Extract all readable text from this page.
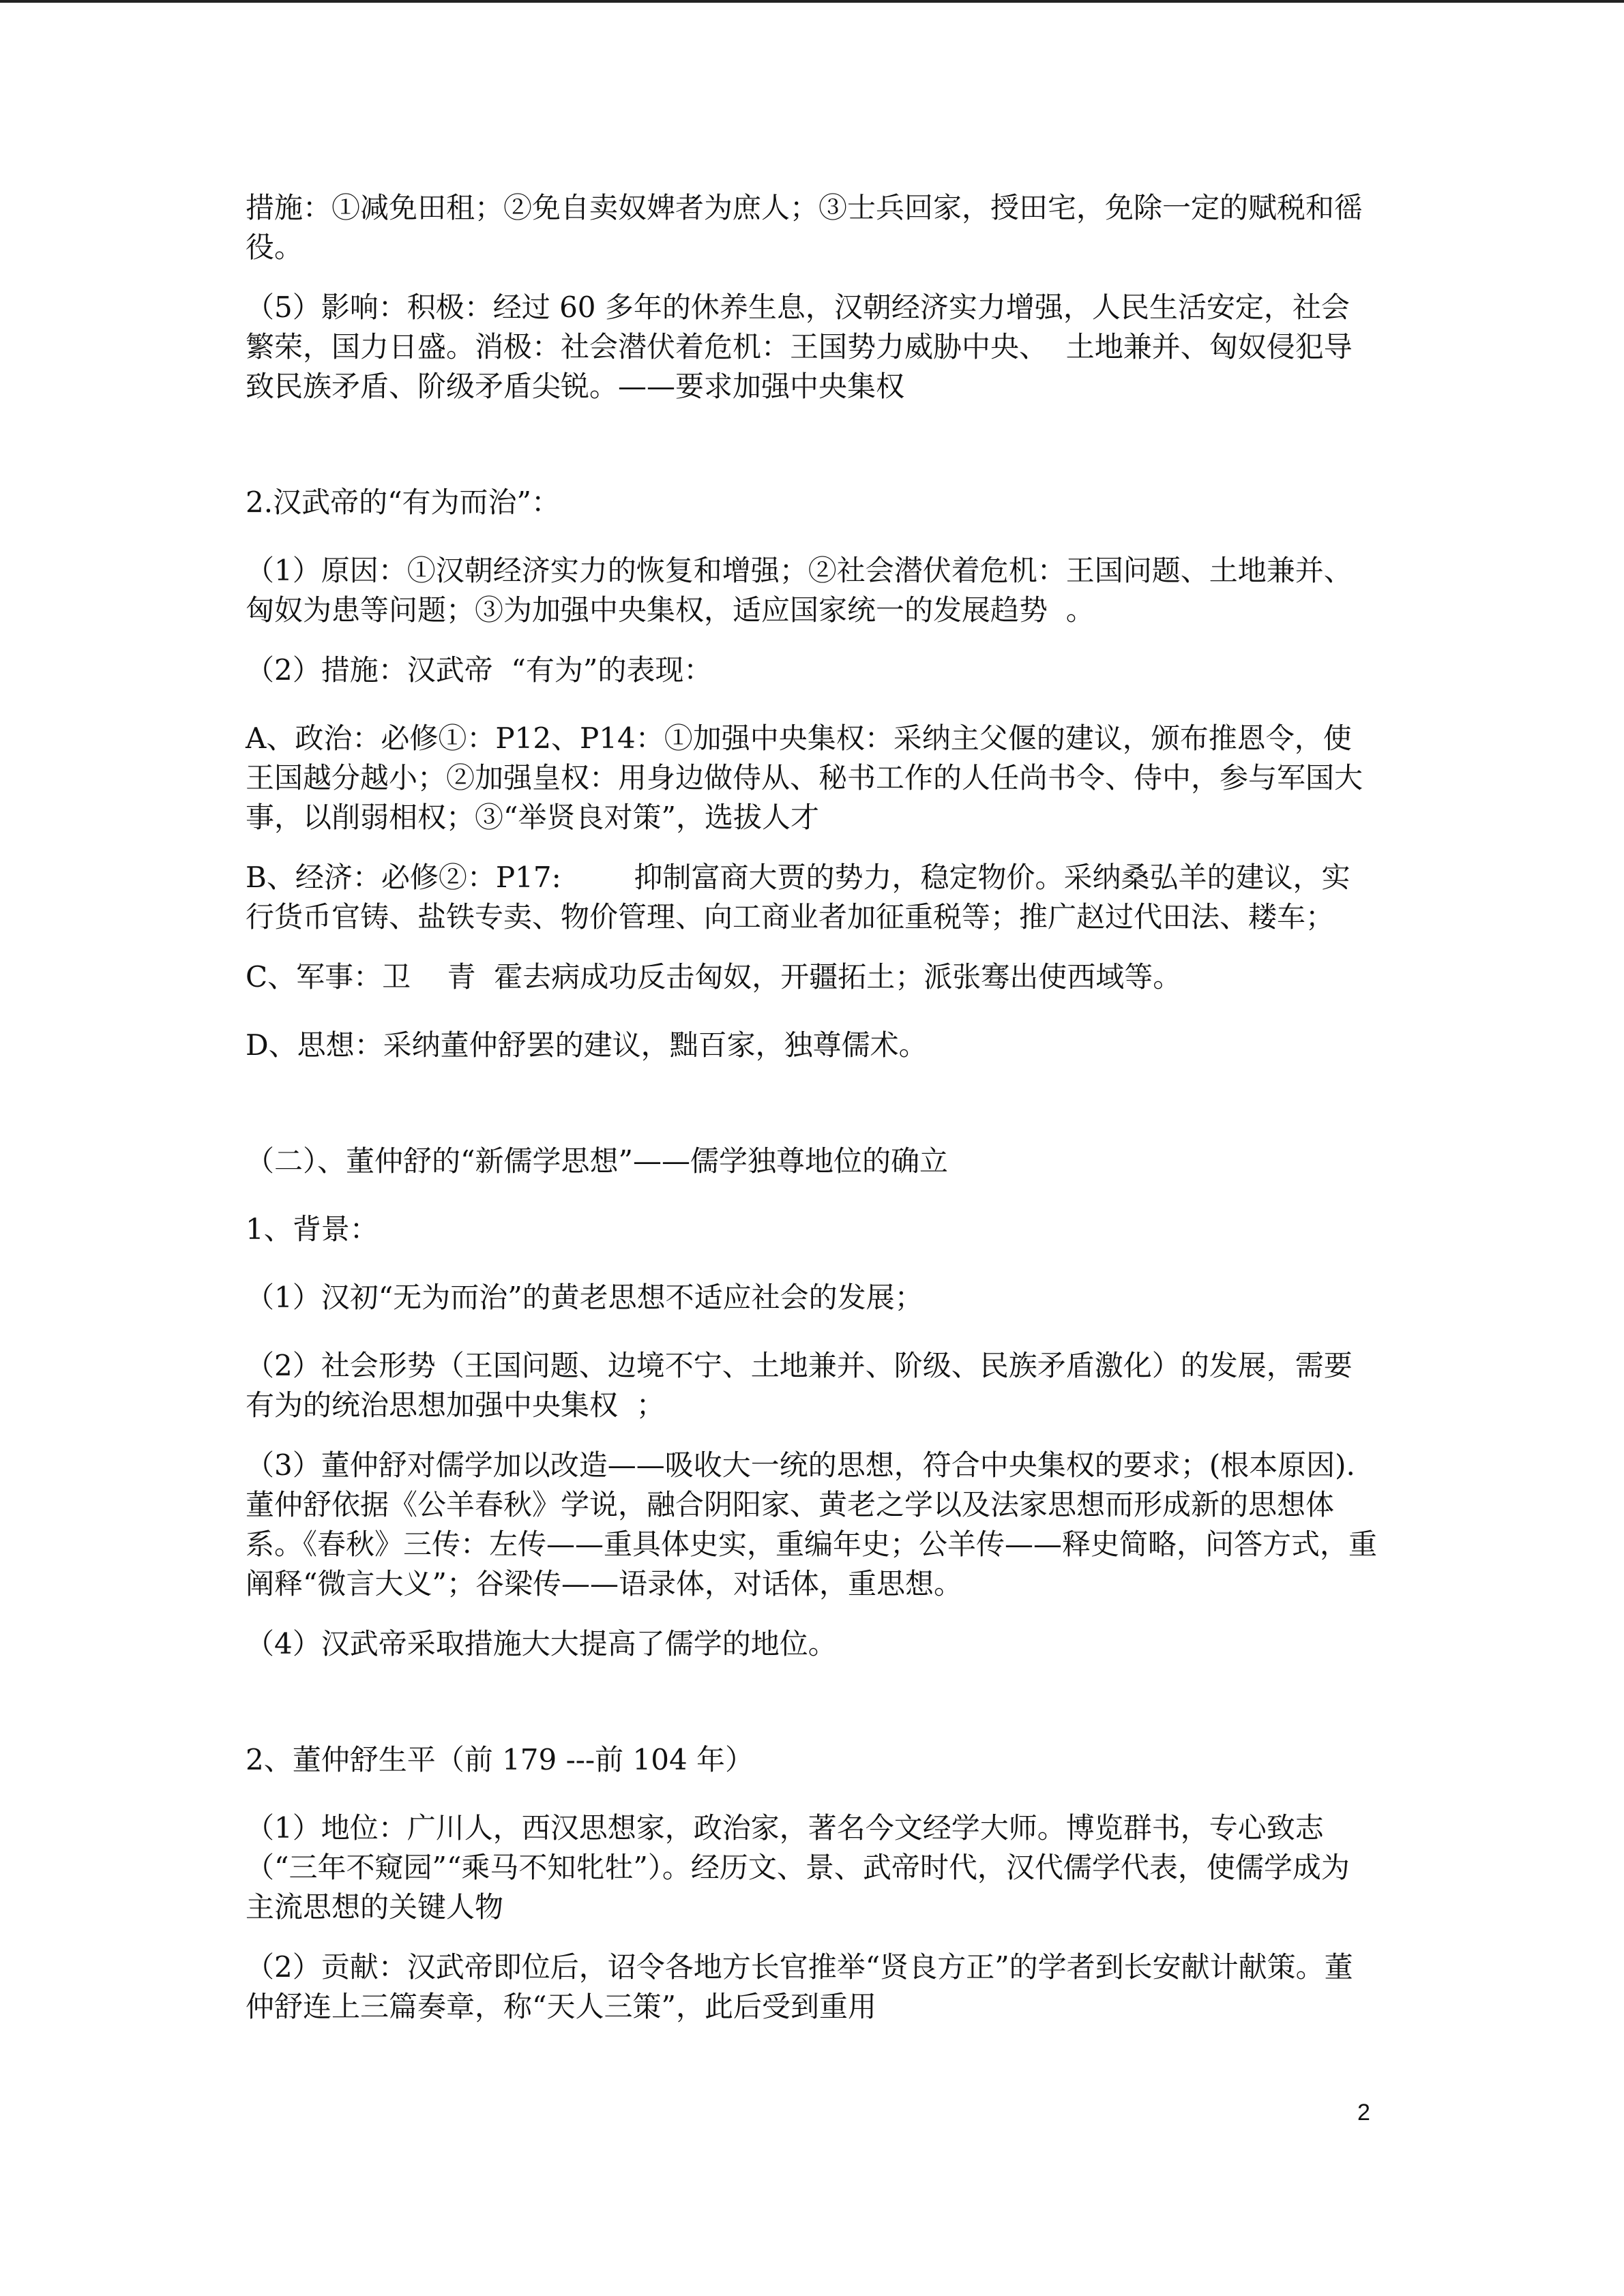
措施：①减免田租；②免自卖奴婢者为庶人；③士兵回家，授田宅，免除一定的赋税和徭役。

（5）影响：积极：经过 60 多年的休养生息，汉朝经济实力增强，人民生活安定，社会繁荣，国力日盛。消极：社会潜伏着危机：王国势力威胁中央、  土地兼并、匈奴侵犯导致民族矛盾、阶级矛盾尖锐。——要求加强中央集权

2.汉武帝的“有为而治”：

（1）原因：①汉朝经济实力的恢复和增强；②社会潜伏着危机：王国问题、土地兼并、匈奴为患等问题；③为加强中央集权，适应国家统一的发展趋势  。

（2）措施：汉武帝  “有为”的表现：

A、政治：必修①：P12、P14：①加强中央集权：采纳主父偃的建议，颁布推恩令，使王国越分越小；②加强皇权：用身边做侍从、秘书工作的人任尚书令、侍中，参与军国大事，以削弱相权；③“举贤良对策”，选拔人才

B、经济：必修②：P17:        抑制富商大贾的势力，稳定物价。采纳桑弘羊的建议，实行货币官铸、盐铁专卖、物价管理、向工商业者加征重税等；推广赵过代田法、耧车；

C、军事：卫    青  霍去病成功反击匈奴，开疆拓土；派张骞出使西域等。

D、思想：采纳董仲舒罢的建议，黜百家，独尊儒术。

（二）、董仲舒的“新儒学思想”——儒学独尊地位的确立

1、背景：

（1）汉初“无为而治”的黄老思想不适应社会的发展；

（2）社会形势（王国问题、边境不宁、土地兼并、阶级、民族矛盾激化）的发展，需要有为的统治思想加强中央集权  ；

（3）董仲舒对儒学加以改造——吸收大一统的思想，符合中央集权的要求；(根本原因).董仲舒依据《公羊春秋》学说，融合阴阳家、黄老之学以及法家思想而形成新的思想体系。《春秋》三传：左传——重具体史实，重编年史；公羊传——释史简略，问答方式，重阐释“微言大义”；谷梁传——语录体，对话体，重思想。

（4）汉武帝采取措施大大提高了儒学的地位。

2、董仲舒生平（前 179 ---前 104 年）

（1）地位：广川人，西汉思想家，政治家，著名今文经学大师。博览群书，专心致志（“三年不窥园”“乘马不知牝牡”）。经历文、景、武帝时代，汉代儒学代表，使儒学成为主流思想的关键人物

（2）贡献：汉武帝即位后，诏令各地方长官推举“贤良方正”的学者到长安献计献策。董仲舒连上三篇奏章，称“天人三策”，此后受到重用

2
